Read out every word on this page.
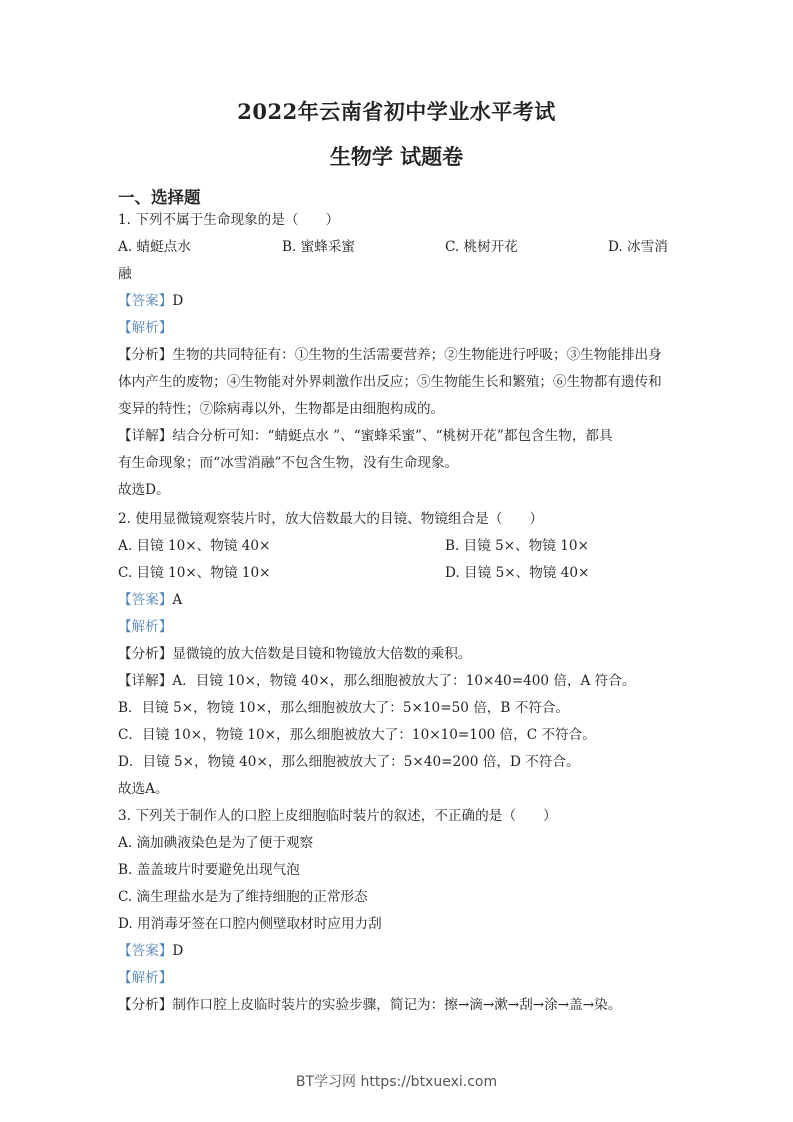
2022年云南省初中学业水平考试
生物学 试题卷
一、选择题
1. 下列不属于生命现象的是（　　）
A. 蜻蜓点水	B. 蜜蜂采蜜	C. 桃树开花	D. 冰雪消
融
【答案】D
【解析】
【分析】生物的共同特征有：①生物的生活需要营养；②生物能进行呼吸；③生物能排出身
体内产生的废物；④生物能对外界刺激作出反应；⑤生物能生长和繁殖；⑥生物都有遗传和
变异的特性；⑦除病毒以外，生物都是由细胞构成的。
【详解】结合分析可知：“蜻蜓点水 ”、“蜜蜂采蜜”、“桃树开花”都包含生物，都具
有生命现象；而“冰雪消融”不包含生物，没有生命现象。
故选D。
2. 使用显微镜观察装片时，放大倍数最大的目镜、物镜组合是（　　）
A. 目镜 10×、物镜 40×	B. 目镜 5×、物镜 10×
C. 目镜 10×、物镜 10×	D. 目镜 5×、物镜 40×
【答案】A
【解析】
【分析】显微镜的放大倍数是目镜和物镜放大倍数的乘积。
【详解】A．目镜 10×，物镜 40×，那么细胞被放大了：10×40=400 倍，A 符合。
B．目镜 5×，物镜 10×，那么细胞被放大了：5×10=50 倍，B 不符合。
C．目镜 10×，物镜 10×，那么细胞被放大了：10×10=100 倍，C 不符合。
D．目镜 5×，物镜 40×，那么细胞被放大了：5×40=200 倍，D 不符合。
故选A。
3. 下列关于制作人的口腔上皮细胞临时装片的叙述，不正确的是（　　）
A. 滴加碘液染色是为了便于观察
B. 盖盖玻片时要避免出现气泡
C. 滴生理盐水是为了维持细胞的正常形态
D. 用消毒牙签在口腔内侧壁取材时应用力刮
【答案】D
【解析】
【分析】制作口腔上皮临时装片的实验步骤，简记为：擦→滴→漱→刮→涂→盖→染。
BT学习网 https://btxuexi.com
